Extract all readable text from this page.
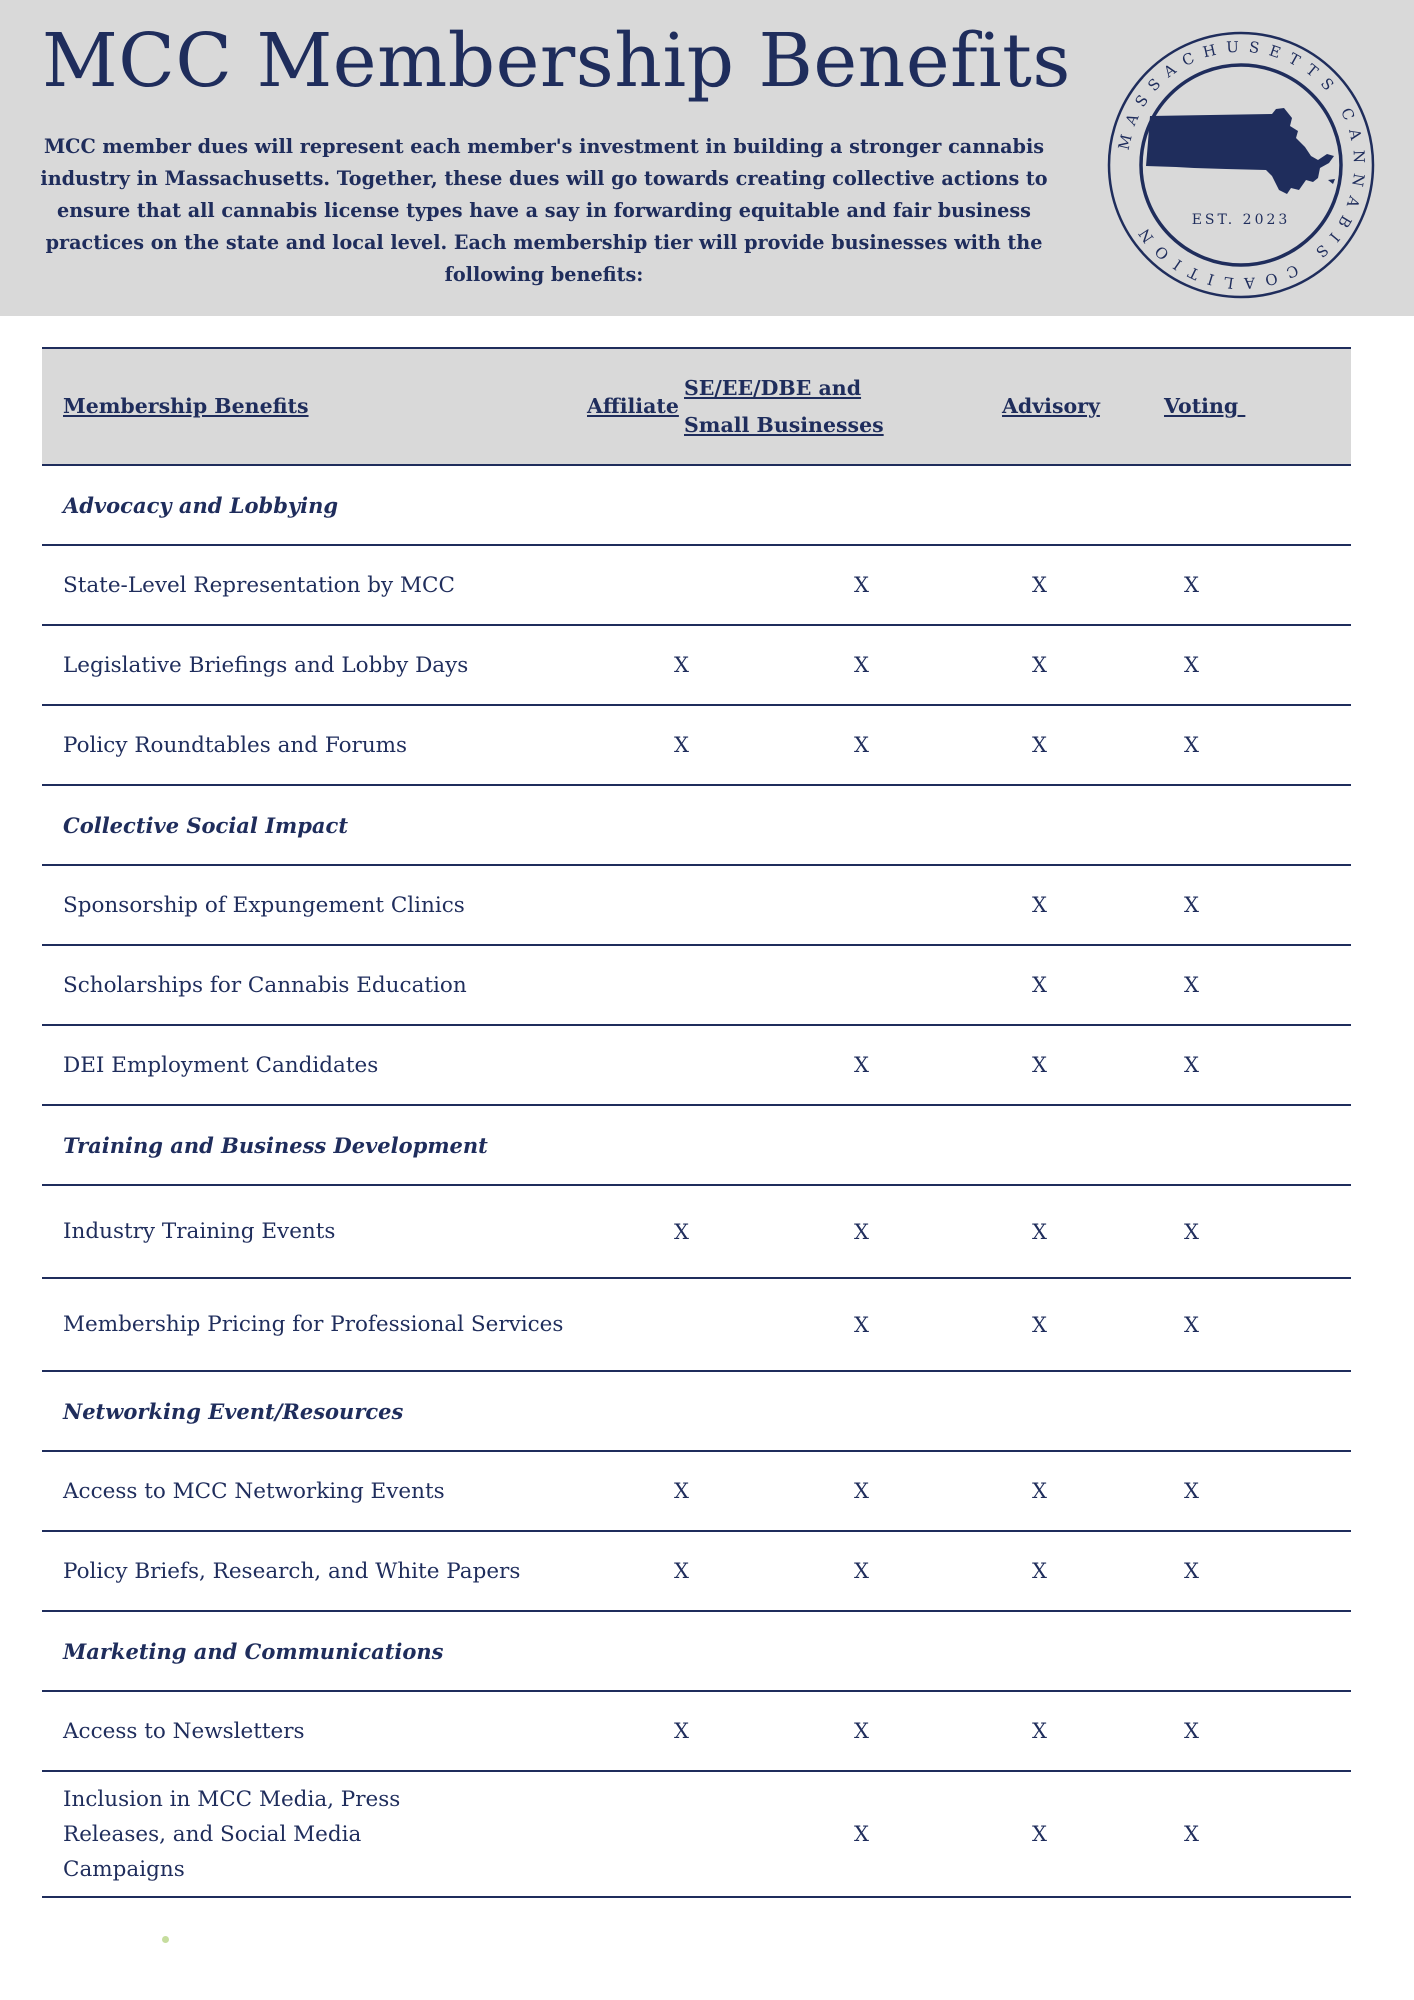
MCC Membership Benefits

MCC member dues will represent each member's investment in building a stronger cannabis industry in Massachusetts. Together, these dues will go towards creating collective actions to ensure that all cannabis license types have a say in forwarding equitable and fair business practices on the state and local level. Each membership tier will provide businesses with the following benefits:

MASSACHUSETTS CANNABIS COALITION	EST. 2023
Membership Benefits	Affiliate	SE/EE/DBE and
Small Businesses	Advisory	Voting
Advocacy and Lobbying				
State-Level Representation by MCC		X	X	X
Legislative Briefings and Lobby Days	X	X	X	X
Policy Roundtables and Forums	X	X	X	X
Collective Social Impact				
Sponsorship of Expungement Clinics			X	X
Scholarships for Cannabis Education			X	X
DEI Employment Candidates		X	X	X
Training and Business Development				
Industry Training Events	X	X	X	X
Membership Pricing for Professional Services		X	X	X
Networking Event/Resources				
Access to MCC Networking Events	X	X	X	X
Policy Briefs, Research, and White Papers	X	X	X	X
Marketing and Communications				
Access to Newsletters	X	X	X	X
Inclusion in MCC Media, Press Releases, and Social Media Campaigns		X	X	X
